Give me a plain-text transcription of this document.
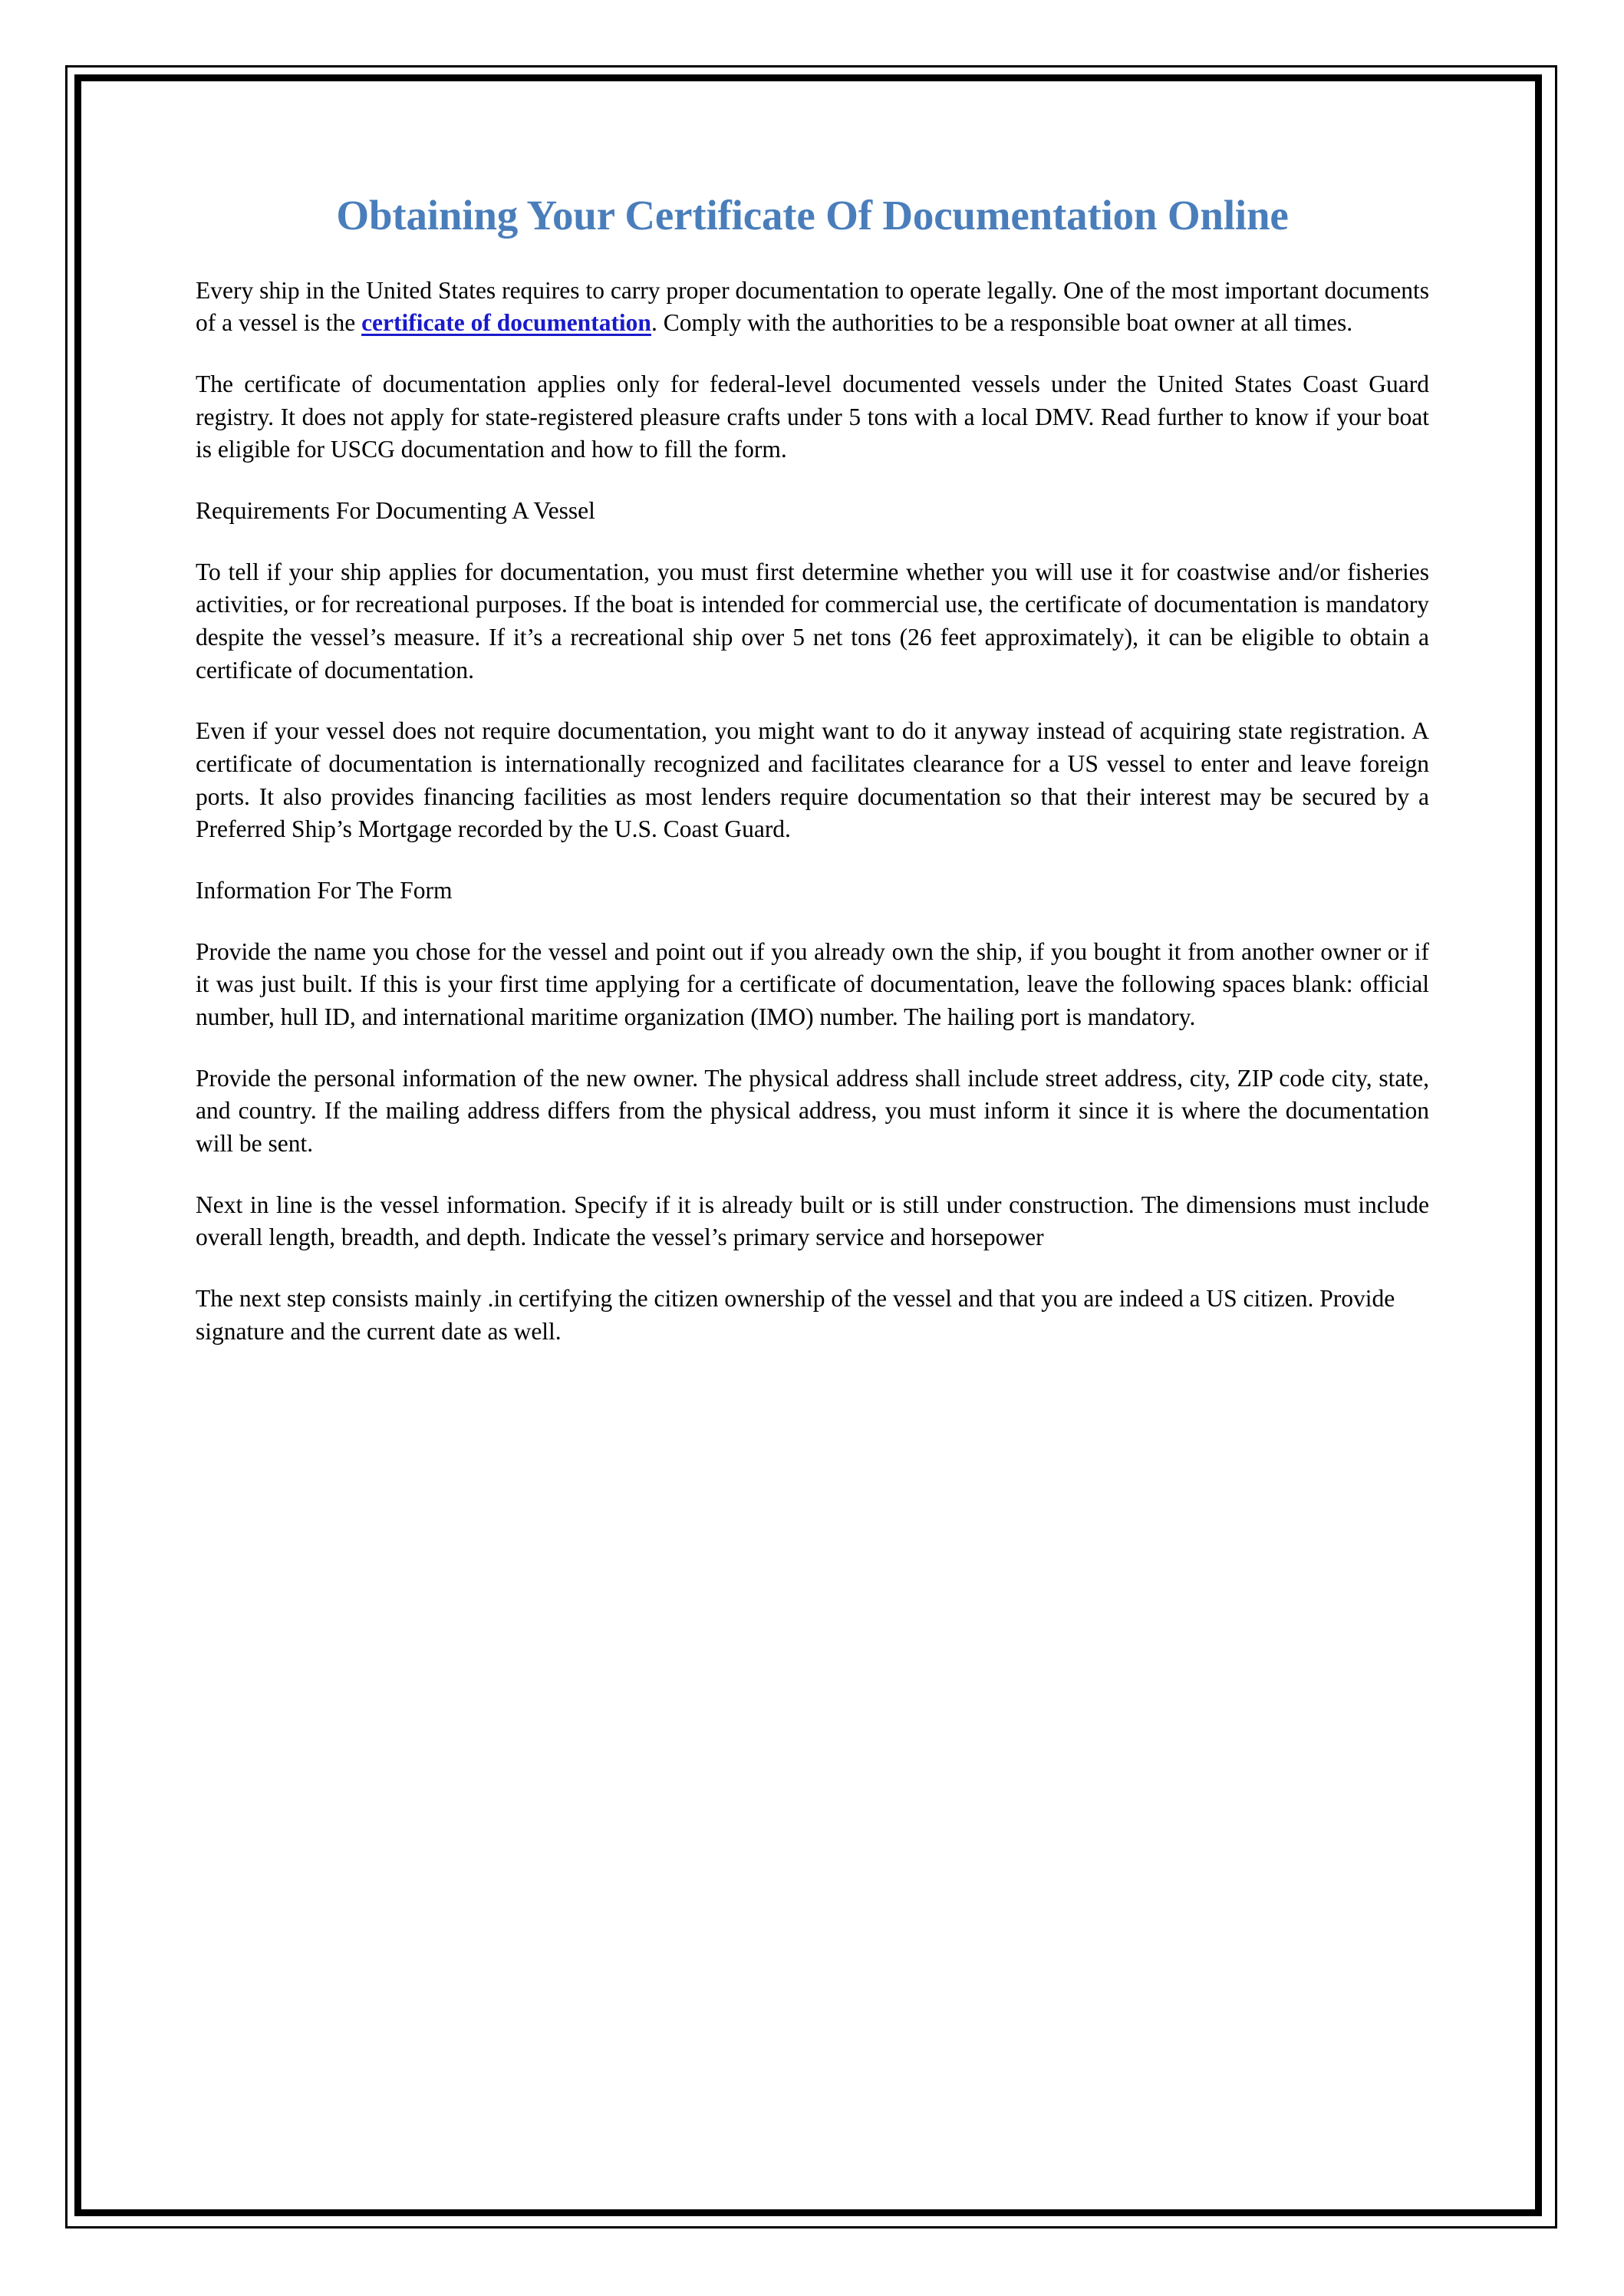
Obtaining Your Certificate Of Documentation Online

Every ship in the United States requires to carry proper documentation to operate legally. One of the most important documents of a vessel is the certificate of documentation. Comply with the authorities to be a responsible boat owner at all times.

The certificate of documentation applies only for federal-level documented vessels under the United States Coast Guard registry. It does not apply for state-registered pleasure crafts under 5 tons with a local DMV. Read further to know if your boat is eligible for USCG documentation and how to fill the form.

Requirements For Documenting A Vessel

To tell if your ship applies for documentation, you must first determine whether you will use it for coastwise and/or fisheries activities, or for recreational purposes. If the boat is intended for commercial use, the certificate of documentation is mandatory despite the vessel’s measure. If it’s a recreational ship over 5 net tons (26 feet approximately), it can be eligible to obtain a certificate of documentation.

Even if your vessel does not require documentation, you might want to do it anyway instead of acquiring state registration. A certificate of documentation is internationally recognized and facilitates clearance for a US vessel to enter and leave foreign ports. It also provides financing facilities as most lenders require documentation so that their interest may be secured by a Preferred Ship’s Mortgage recorded by the U.S. Coast Guard.

Information For The Form

Provide the name you chose for the vessel and point out if you already own the ship, if you bought it from another owner or if it was just built. If this is your first time applying for a certificate of documentation, leave the following spaces blank: official number, hull ID, and international maritime organization (IMO) number. The hailing port is mandatory.

Provide the personal information of the new owner. The physical address shall include street address, city, ZIP code city, state, and country. If the mailing address differs from the physical address, you must inform it since it is where the documentation will be sent.

Next in line is the vessel information. Specify if it is already built or is still under construction. The dimensions must include overall length, breadth, and depth. Indicate the vessel’s primary service and horsepower

The next step consists mainly .in certifying the citizen ownership of the vessel and that you are indeed a US citizen. Provide signature and the current date as well.
